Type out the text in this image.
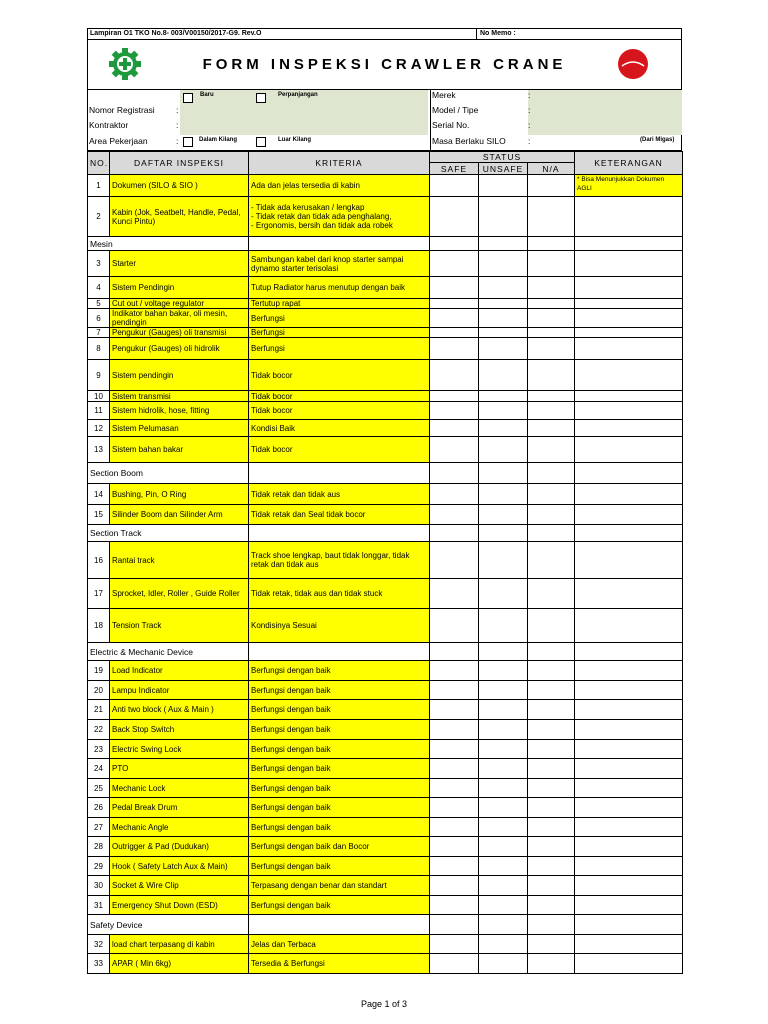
Lampiran O1 TKO No.8- 003/V00150/2017-G9. Rev.O	No Memo :
FORM INSPEKSI CRAWLER CRANE
Baru	Perpanjangan
Nomor Registrasi	:
Kontraktor	:
Area Pekerjaan	:	Dalam Kilang	Luar Kilang
Merek	:
Model / Tipe	:
Serial No.	:
Masa Berlaku SILO	:	(Dari Migas)
NO.	DAFTAR INSPEKSI	KRITERIA	STATUS			KETERANGAN
			SAFE	UNSAFE	N/A	
1	Dokumen (SILO & SIO )	Ada dan jelas tersedia di kabin				* Bisa Menunjukkan Dokumen AGLI
2	Kabin (Jok, Seatbelt, Handle, Pedal, Kunci Pintu)	- Tidak ada kerusakan / lengkap
- Tidak retak dan tidak ada penghalang,
- Ergonomis, bersih dan tidak ada robek				
Mesin						
3	Starter	Sambungan kabel dari knop starter sampai dynamo starter terisolasi				
4	Sistem Pendingin	Tutup Radiator harus menutup dengan baik				
5	Cut out / voltage regulator	Tertutup rapat				
6	Indikator bahan bakar, oli mesin, pendingin	Berfungsi				
7	Pengukur (Gauges) oli transmisi	Berfungsi				
8	Pengukur (Gauges) oli hidrolik	Berfungsi				
9	Sistem pendingin	Tidak bocor				
10	Sistem transmisi	Tidak bocor				
11	Sistem hidrolik, hose, fitting	Tidak bocor				
12	Sistem Pelumasan	Kondisi Baik				
13	Sistem bahan bakar	Tidak bocor				
Section Boom						
14	Bushing, Pin, O Ring	Tidak retak dan tidak aus				
15	Silinder Boom dan Silinder Arm	Tidak retak dan Seal tidak bocor				
Section Track						
16	Rantai track	Track shoe lengkap, baut tidak longgar, tidak retak dan tidak aus				
17	Sprocket, Idler, Roller , Guide Roller	Tidak retak, tidak aus dan tidak stuck				
18	Tension Track	Kondisinya Sesuai				
Electric & Mechanic Device						
19	Load Indicator	Berfungsi dengan baik				
20	Lampu Indicator	Berfungsi dengan baik				
21	Anti two block ( Aux & Main )	Berfungsi dengan baik				
22	Back Stop Switch	Berfungsi dengan baik				
23	Electric Swing Lock	Berfungsi dengan baik				
24	PTO	Berfungsi dengan baik				
25	Mechanic Lock	Berfungsi dengan baik				
26	Pedal Break Drum	Berfungsi dengan baik				
27	Mechanic Angle	Berfungsi dengan baik				
28	Outrigger & Pad (Dudukan)	Berfungsi dengan baik dan Bocor				
29	Hook ( Safety Latch Aux & Main)	Berfungsi dengan baik				
30	Socket & Wire Clip	Terpasang dengan benar dan standart				
31	Emergency Shut Down (ESD)	Berfungsi dengan baik				
Safety Device						
32	load chart terpasang di kabin	Jelas dan Terbaca				
33	APAR ( Min 6kg)	Tersedia & Berfungsi				
Page 1 of 3
